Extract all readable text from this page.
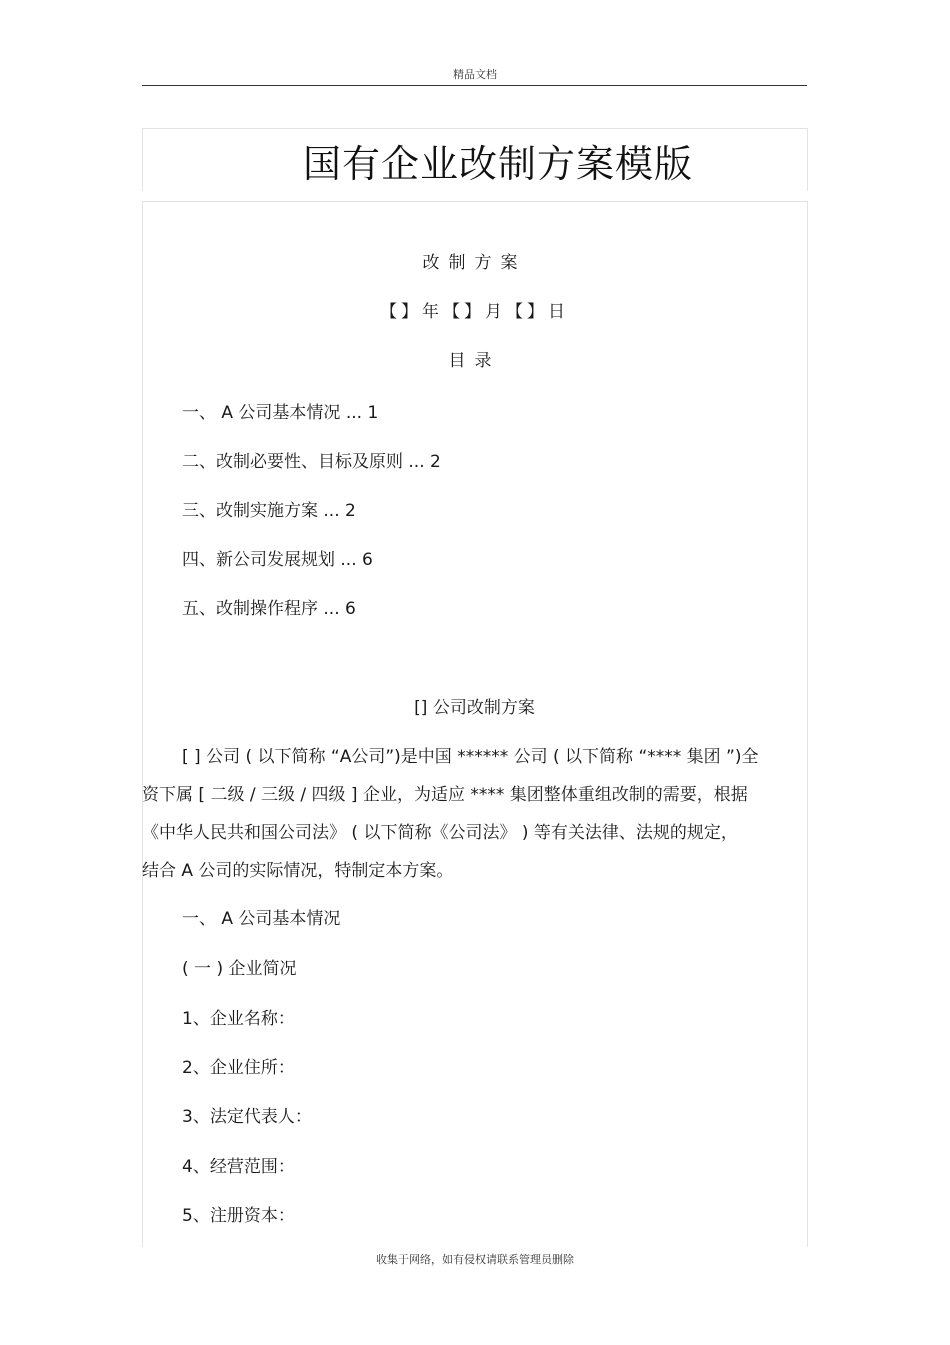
精品文档
国有企业改制方案模版
改制方案
【】年【】月【】日
目录
一、 A 公司基本情况 ... 1
二、改制必要性、目标及原则 ... 2
三、改制实施方案 ... 2
四、新公司发展规划 ... 6
五、改制操作程序 ... 6
[] 公司改制方案
[ ] 公司 ( 以下简称 “A公司”)是中国 ****** 公司 ( 以下简称 “**** 集团 ”)全
资下属 [ 二级 / 三级 / 四级 ] 企业，为适应 **** 集团整体重组改制的需要，根据
《中华人民共和国公司法》 ( 以下简称《公司法》 ) 等有关法律、法规的规定，
结合 A 公司的实际情况，特制定本方案。
一、 A 公司基本情况
( 一 ) 企业简况
1、企业名称：
2、企业住所：
3、法定代表人：
4、经营范围：
5、注册资本：
收集于网络，如有侵权请联系管理员删除
